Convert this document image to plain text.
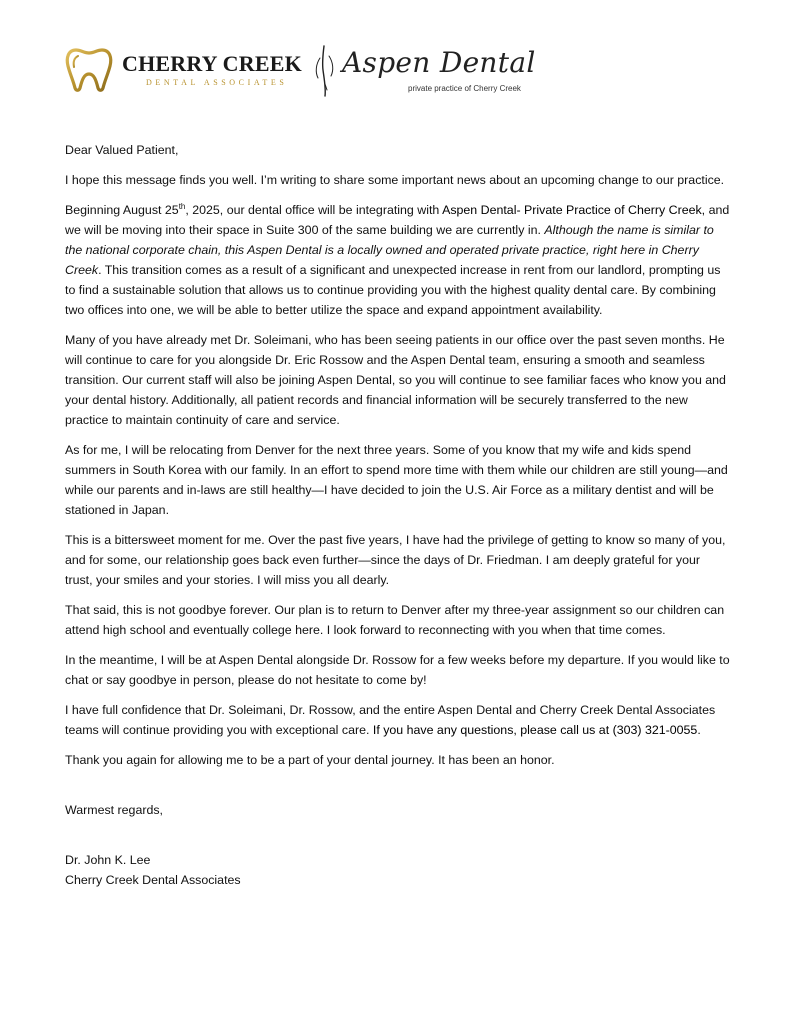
CHERRY CREEK
DENTAL ASSOCIATES
Aspen Dental
private practice of Cherry Creek

Dear Valued Patient,

I hope this message finds you well. I’m writing to share some important news about an upcoming change to our practice.

Beginning August 25th, 2025, our dental office will be integrating with Aspen Dental- Private Practice of Cherry Creek, and we will be moving into their space in Suite 300 of the same building we are currently in. Although the name is similar to the national corporate chain, this Aspen Dental is a locally owned and operated private practice, right here in Cherry Creek. This transition comes as a result of a significant and unexpected increase in rent from our landlord, prompting us to find a sustainable solution that allows us to continue providing you with the highest quality dental care. By combining two offices into one, we will be able to better utilize the space and expand appointment availability.

Many of you have already met Dr. Soleimani, who has been seeing patients in our office over the past seven months. He will continue to care for you alongside Dr. Eric Rossow and the Aspen Dental team, ensuring a smooth and seamless transition. Our current staff will also be joining Aspen Dental, so you will continue to see familiar faces who know you and your dental history. Additionally, all patient records and financial information will be securely transferred to the new practice to maintain continuity of care and service.

As for me, I will be relocating from Denver for the next three years. Some of you know that my wife and kids spend summers in South Korea with our family. In an effort to spend more time with them while our children are still young—and while our parents and in-laws are still healthy—I have decided to join the U.S. Air Force as a military dentist and will be stationed in Japan.

This is a bittersweet moment for me. Over the past five years, I have had the privilege of getting to know so many of you, and for some, our relationship goes back even further—since the days of Dr. Friedman. I am deeply grateful for your trust, your smiles and your stories. I will miss you all dearly.

That said, this is not goodbye forever. Our plan is to return to Denver after my three-year assignment so our children can attend high school and eventually college here. I look forward to reconnecting with you when that time comes.

In the meantime, I will be at Aspen Dental alongside Dr. Rossow for a few weeks before my departure. If you would like to chat or say goodbye in person, please do not hesitate to come by!

I have full confidence that Dr. Soleimani, Dr. Rossow, and the entire Aspen Dental and Cherry Creek Dental Associates teams will continue providing you with exceptional care. If you have any questions, please call us at (303) 321-0055.

Thank you again for allowing me to be a part of your dental journey. It has been an honor.

Warmest regards,

Dr. John K. Lee

Cherry Creek Dental Associates
